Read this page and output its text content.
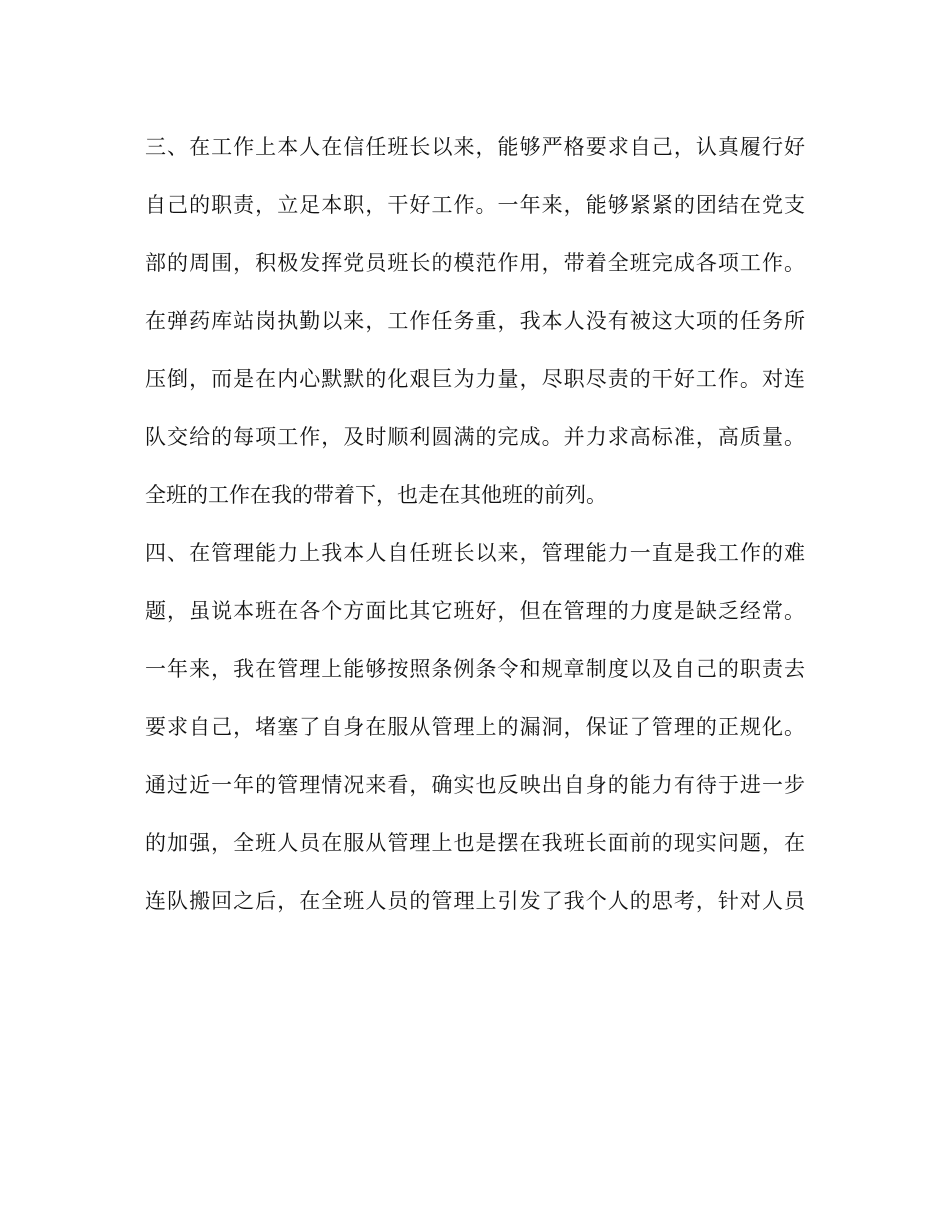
三、在工作上本人在信任班长以来，能够严格要求自己，认真履行好
自己的职责，立足本职，干好工作。一年来，能够紧紧的团结在党支
部的周围，积极发挥党员班长的模范作用，带着全班完成各项工作。
在弹药库站岗执勤以来，工作任务重，我本人没有被这大项的任务所
压倒，而是在内心默默的化艰巨为力量，尽职尽责的干好工作。对连
队交给的每项工作，及时顺利圆满的完成。并力求高标准，高质量。
全班的工作在我的带着下，也走在其他班的前列。
四、在管理能力上我本人自任班长以来，管理能力一直是我工作的难
题，虽说本班在各个方面比其它班好，但在管理的力度是缺乏经常。
一年来，我在管理上能够按照条例条令和规章制度以及自己的职责去
要求自己，堵塞了自身在服从管理上的漏洞，保证了管理的正规化。
通过近一年的管理情况来看，确实也反映出自身的能力有待于进一步
的加强，全班人员在服从管理上也是摆在我班长面前的现实问题，在
连队搬回之后，在全班人员的管理上引发了我个人的思考，针对人员
